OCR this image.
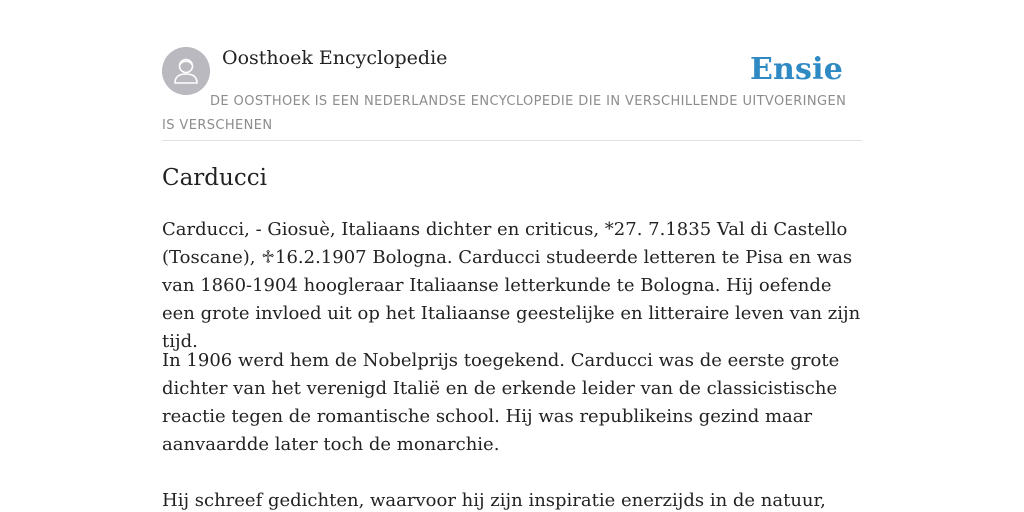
Oosthoek Encyclopedie	Ensie
DE OOSTHOEK IS EEN NEDERLANDSE ENCYCLOPEDIE DIE IN VERSCHILLENDE UITVOERINGEN IS VERSCHENEN
Carducci

Carducci, - Giosuè, Italiaans dichter en criticus, *27. 7.1835 Val di Castello (Toscane), ♱16.2.1907 Bologna. Carducci studeerde letteren te Pisa en was van 1860-1904 hoogleraar Italiaanse letterkunde te Bologna. Hij oefende een grote invloed uit op het Italiaanse geestelijke en litteraire leven van zijn tijd.

In 1906 werd hem de Nobelprijs toegekend. Carducci was de eerste grote dichter van het verenigd Italië en de erkende leider van de classicistische reactie tegen de romantische school. Hij was republikeins gezind maar aanvaardde later toch de monarchie.

Hij schreef gedichten, waarvoor hij zijn inspiratie enerzijds in de natuur,
